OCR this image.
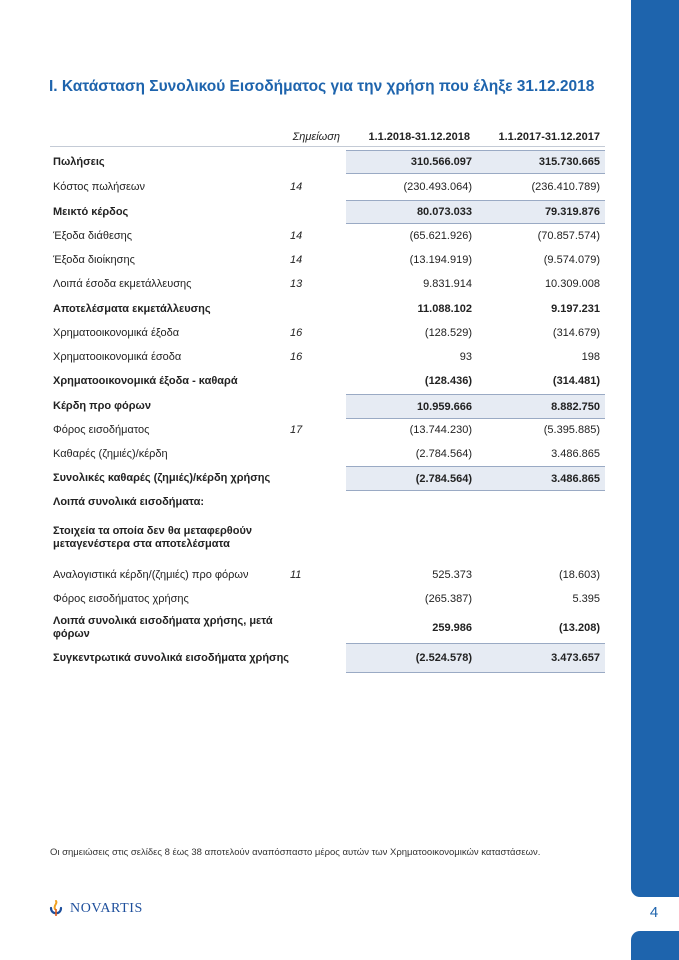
4
I. Κατάσταση Συνολικού Εισοδήματος για την χρήση που έληξε 31.12.2018
Σημείωση	1.1.2018-31.12.2018	1.1.2017-31.12.2017
Πωλήσεις	310.566.097	315.730.665
Κόστος πωλήσεων	14	(230.493.064)	(236.410.789)
Μεικτό κέρδος	80.073.033	79.319.876
Έξοδα διάθεσης	14	(65.621.926)	(70.857.574)
Έξοδα διοίκησης	14	(13.194.919)	(9.574.079)
Λοιπά έσοδα εκμετάλλευσης	13	9.831.914	10.309.008
Αποτελέσματα εκμετάλλευσης	11.088.102	9.197.231
Χρηματοοικονομικά έξοδα	16	(128.529)	(314.679)
Χρηματοοικονομικά έσοδα	16	93	198
Χρηματοοικονομικά έξοδα - καθαρά	(128.436)	(314.481)
Κέρδη προ φόρων	10.959.666	8.882.750
Φόρος εισοδήματος	17	(13.744.230)	(5.395.885)
Καθαρές (ζημιές)/κέρδη	(2.784.564)	3.486.865
Συνολικές καθαρές (ζημιές)/κέρδη χρήσης	(2.784.564)	3.486.865
Λοιπά συνολικά εισοδήματα:
Στοιχεία τα οποία δεν θα μεταφερθούν μεταγενέστερα στα αποτελέσματα
Αναλογιστικά κέρδη/(ζημιές) προ φόρων	11	525.373	(18.603)
Φόρος εισοδήματος χρήσης	(265.387)	5.395
Λοιπά συνολικά εισοδήματα χρήσης, μετά φόρων	259.986	(13.208)
Συγκεντρωτικά συνολικά εισοδήματα χρήσης	(2.524.578)	3.473.657
Οι σημειώσεις στις σελίδες 8 έως 38 αποτελούν αναπόσπαστο μέρος αυτών των Χρηματοοικονομικών καταστάσεων.
NOVARTIS
